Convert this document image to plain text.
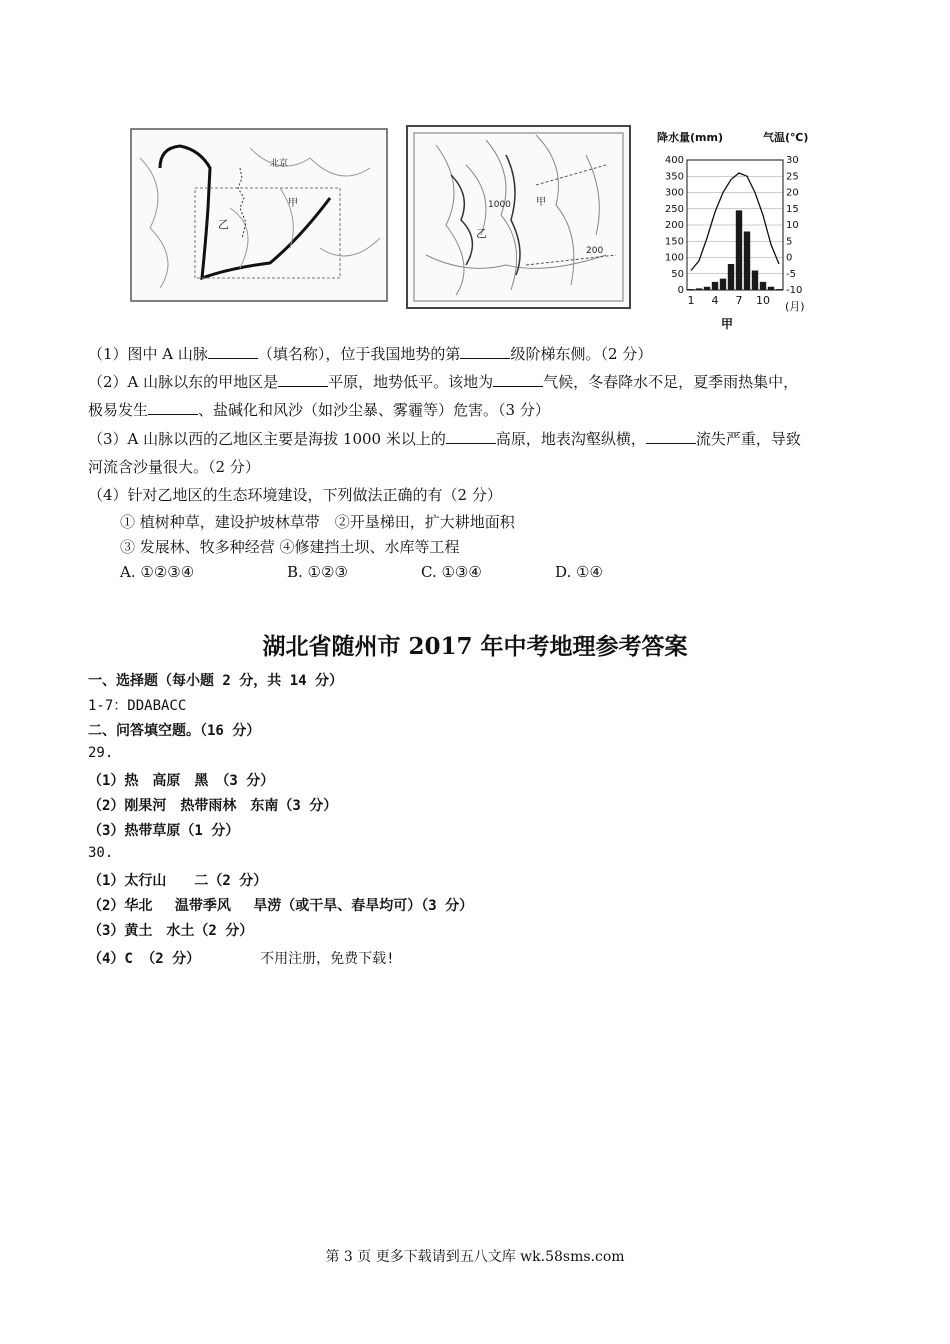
北京
甲
乙
1000	甲
乙
200
降水量(mm)	气温(℃)
400	30
350	25
300	20
250	15
200	10
150	5
100	0
50	-5
0	-10
1 4 7 10 (月)
甲
（1）图中 A 山脉	（填名称），位于我国地势的第	级阶梯东侧。（2 分）
（2）A 山脉以东的甲地区是	平原，地势低平。该地为	气候，冬春降水不足，夏季雨热集中，
极易发生	、盐碱化和风沙（如沙尘暴、雾霾等）危害。（3 分）
（3）A 山脉以西的乙地区主要是海拔 1000 米以上的	高原，地表沟壑纵横，	流失严重，导致
河流含沙量很大。（2 分）
（4）针对乙地区的生态环境建设，下列做法正确的有（2 分）
① 植树种草，建设护坡林草带　②开垦梯田，扩大耕地面积
③ 发展林、牧多种经营 ④修建挡土坝、水库等工程
A. ①②③④	B. ①②③	C. ①③④	D. ①④
湖北省随州市 2017 年中考地理参考答案
一、选择题（每小题 2 分，共 14 分）
1-7：DDABACC
二、问答填空题。（16 分）
29.
（1）热　高原　黑　（3 分）
（2）刚果河　热带雨林　东南（3 分）
（3）热带草原（1 分）
30.
（1）太行山　　二（2 分）
（2）华北　 温带季风　 旱涝（或干旱、春旱均可）（3 分）
（3）黄土　水土（2 分）
（4）C （2 分）	不用注册，免费下载!
第 3 页 更多下载请到五八文库 wk.58sms.com
